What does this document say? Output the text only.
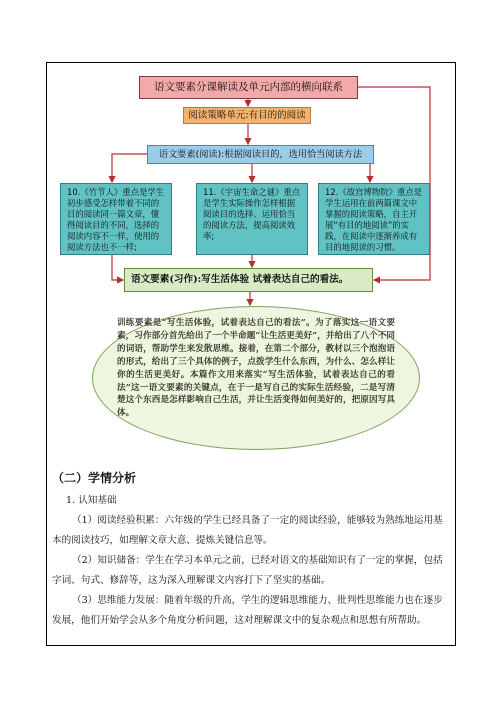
语文要素分课解读及单元内部的横向联系
阅读策略单元:有目的的阅读
语文要素(阅读):根据阅读目的，选用恰当阅读方法
10.《竹节人》重点是学生初步感受怎样带着不同的目的阅读同一篇文章，懂得阅读目的不同，选择的阅读内容不一样，使用的阅读方法也不一样;
11.《宇宙生命之谜》重点是学生实际操作怎样根据阅读目的选择、运用恰当的阅读方法，提高阅读效率;
12.《故宫博物院》重点是学生运用在前两篇课文中掌握的阅读策略，自主开展“有目的地阅读”的实践，在阅读中逐渐养成有目的地阅读的习惯。
语文要素(习作):写生活体验 试着表达自己的看法。
训练要素是“写生活体验，试着表达自己的看法”。为了落实这一语文要素，习作部分首先给出了一个半命题“让生活更美好”，并给出了八个不同的词语，帮助学生来发散思维。接着，在第二个部分，教材以三个泡泡语的形式，给出了三个具体的例子，点拨学生什么东西，为什么、怎么样让你的生活更美好。本篇作文用来落实“写生活体验，试着表达自己的看法”这一语文要素的关键点，在于一是写自己的实际生活经验，二是写清楚这个东西是怎样影响自己生活，并让生活变得如何美好的，把原因写具体。
（二）学情分析
1. 认知基础
（1）阅读经验积累：六年级的学生已经具备了一定的阅读经验，能够较为熟练地运用基本的阅读技巧，如理解文章大意、提炼关键信息等。
（2）知识储备：学生在学习本单元之前，已经对语文的基础知识有了一定的掌握，包括字词、句式、修辞等，这为深入理解课文内容打下了坚实的基础。
（3）思维能力发展：随着年级的升高，学生的逻辑思维能力、批判性思维能力也在逐步发展，他们开始学会从多个角度分析问题，这对理解课文中的复杂观点和思想有所帮助。
